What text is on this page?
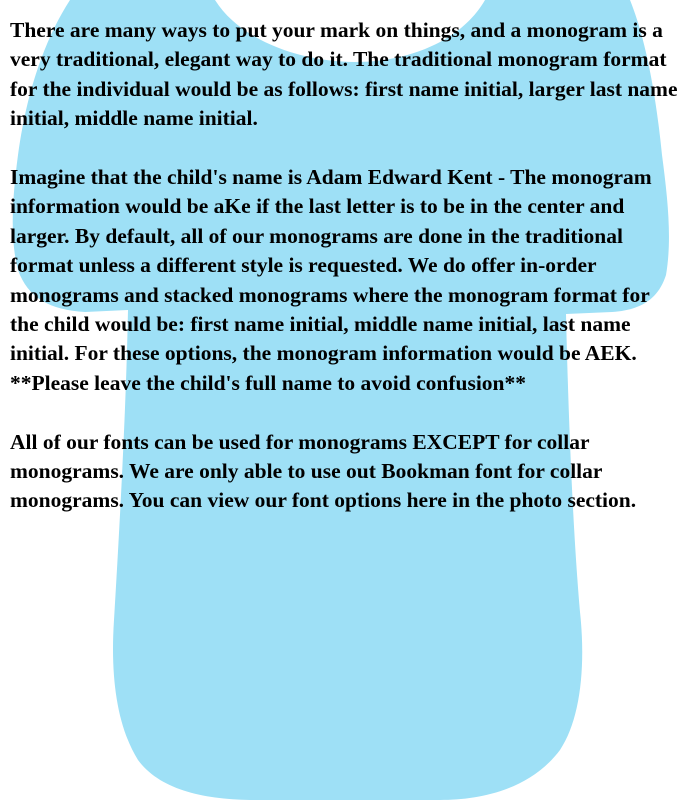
There are many ways to put your mark on things, and a monogram is a very traditional, elegant way to do it. The traditional monogram format for the individual would be as follows: first name initial, larger last name initial, middle name initial.

Imagine that the child's name is Adam Edward Kent - The monogram information would be aKe if the last letter is to be in the center and larger. By default, all of our monograms are done in the traditional format unless a different style is requested. We do offer in-order monograms and stacked monograms where the monogram format for the child would be: first name initial, middle name initial, last name initial. For these options, the monogram information would be AEK. **Please leave the child's full name to avoid confusion**

All of our fonts can be used for monograms EXCEPT for collar monograms. We are only able to use out Bookman font for collar monograms. You can view our font options here in the photo section.
